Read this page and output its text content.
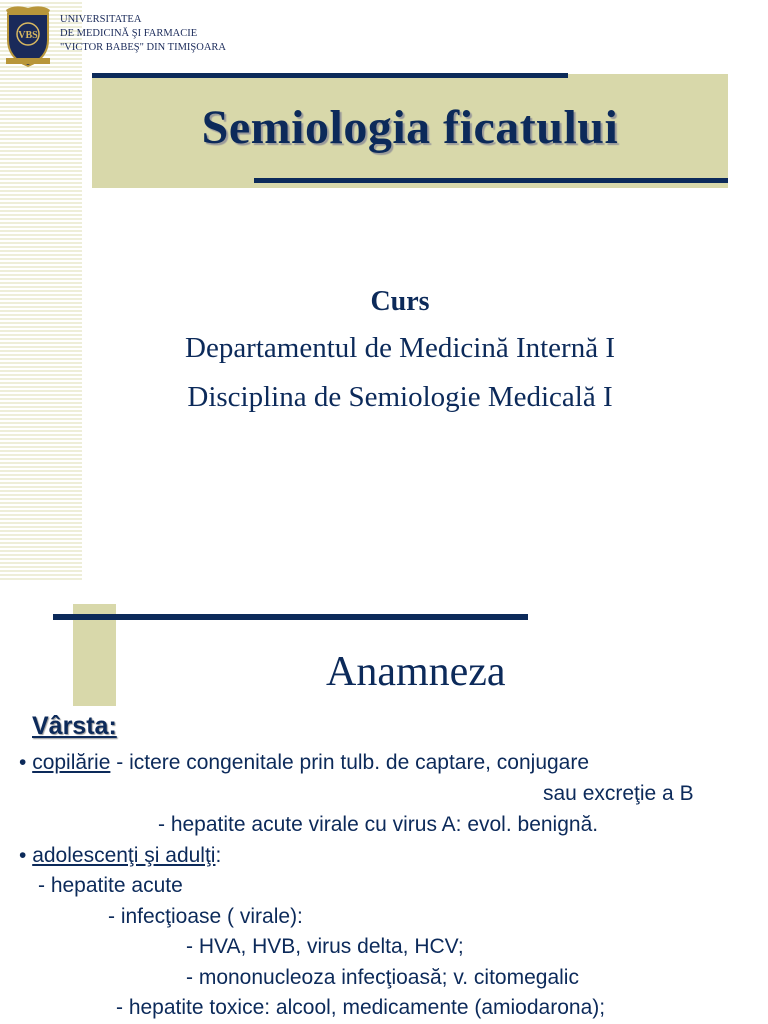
VBS
UNIVERSITATEA
DE MEDICINĂ ŞI FARMACIE
"VICTOR BABEŞ" DIN TIMIŞOARA
Semiologia ficatului
Curs
Departamentul de Medicină Internă I
Disciplina de Semiologie Medicală I
Anamneza
Vârsta:
• copilărie - ictere congenitale prin tulb. de captare, conjugare
sau excreţie a B
- hepatite acute virale cu virus A: evol. benignă.
• adolescenţi şi adulţi:
- hepatite acute
- infecţioase ( virale):
- HVA, HVB, virus delta, HCV;
- mononucleoza infecţioasă; v. citomegalic
- hepatite toxice: alcool, medicamente (amiodarona);
